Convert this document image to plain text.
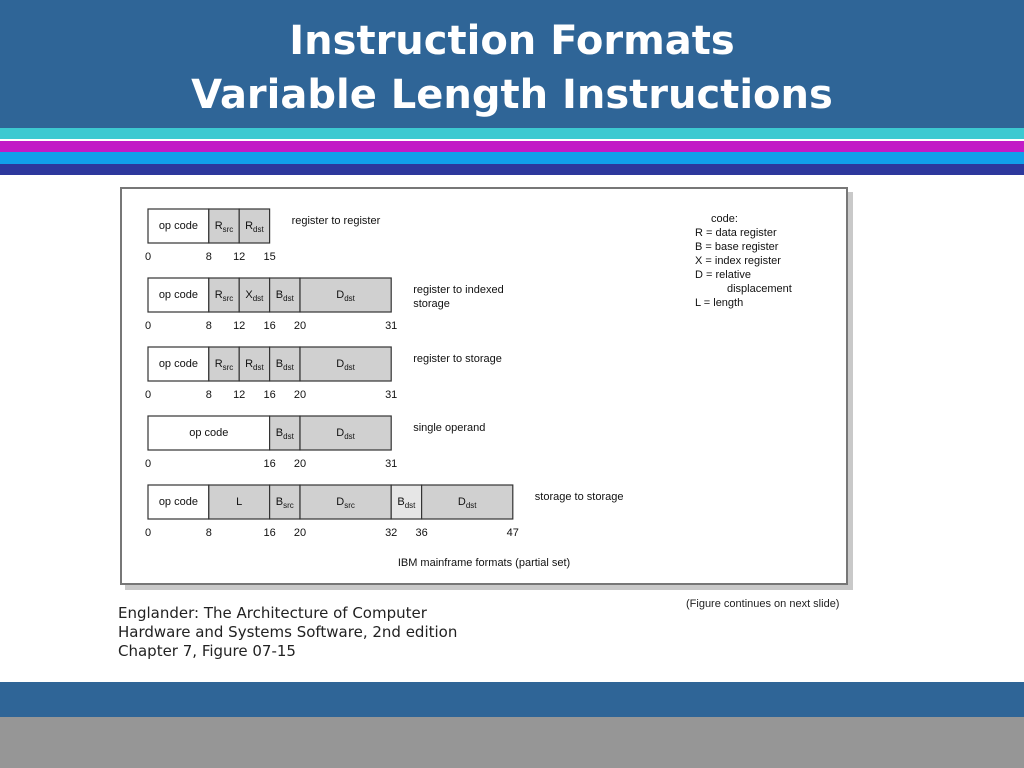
Instruction Formats
Variable Length Instructions
op code $R_{src}$ $R_{dst}$
0	8 12 15
register to register
op code $R_{src}$ $X_{dst}$ $B_{dst}$	$D_{dst}$
0	8 12 16 20	31
register to indexed
storage
op code $R_{src}$ $R_{dst}$ $B_{dst}$	$D_{dst}$
0	8 12 16 20	31
register to storage
op code	$B_{dst}$	$D_{dst}$
0	16 20	31
single operand
op code	L	$B_{src}$	$D_{src}$	$B_{dst}$	$D_{dst}$
0	8	16 20	32 36	47
storage to storage
code:
R = data register
B = base register
X = index register
D = relative
displacement
L = length
IBM mainframe formats (partial set)
Englander: The Architecture of Computer
Hardware and Systems Software, 2nd edition
Chapter 7, Figure 07-15
(Figure continues on next slide)
